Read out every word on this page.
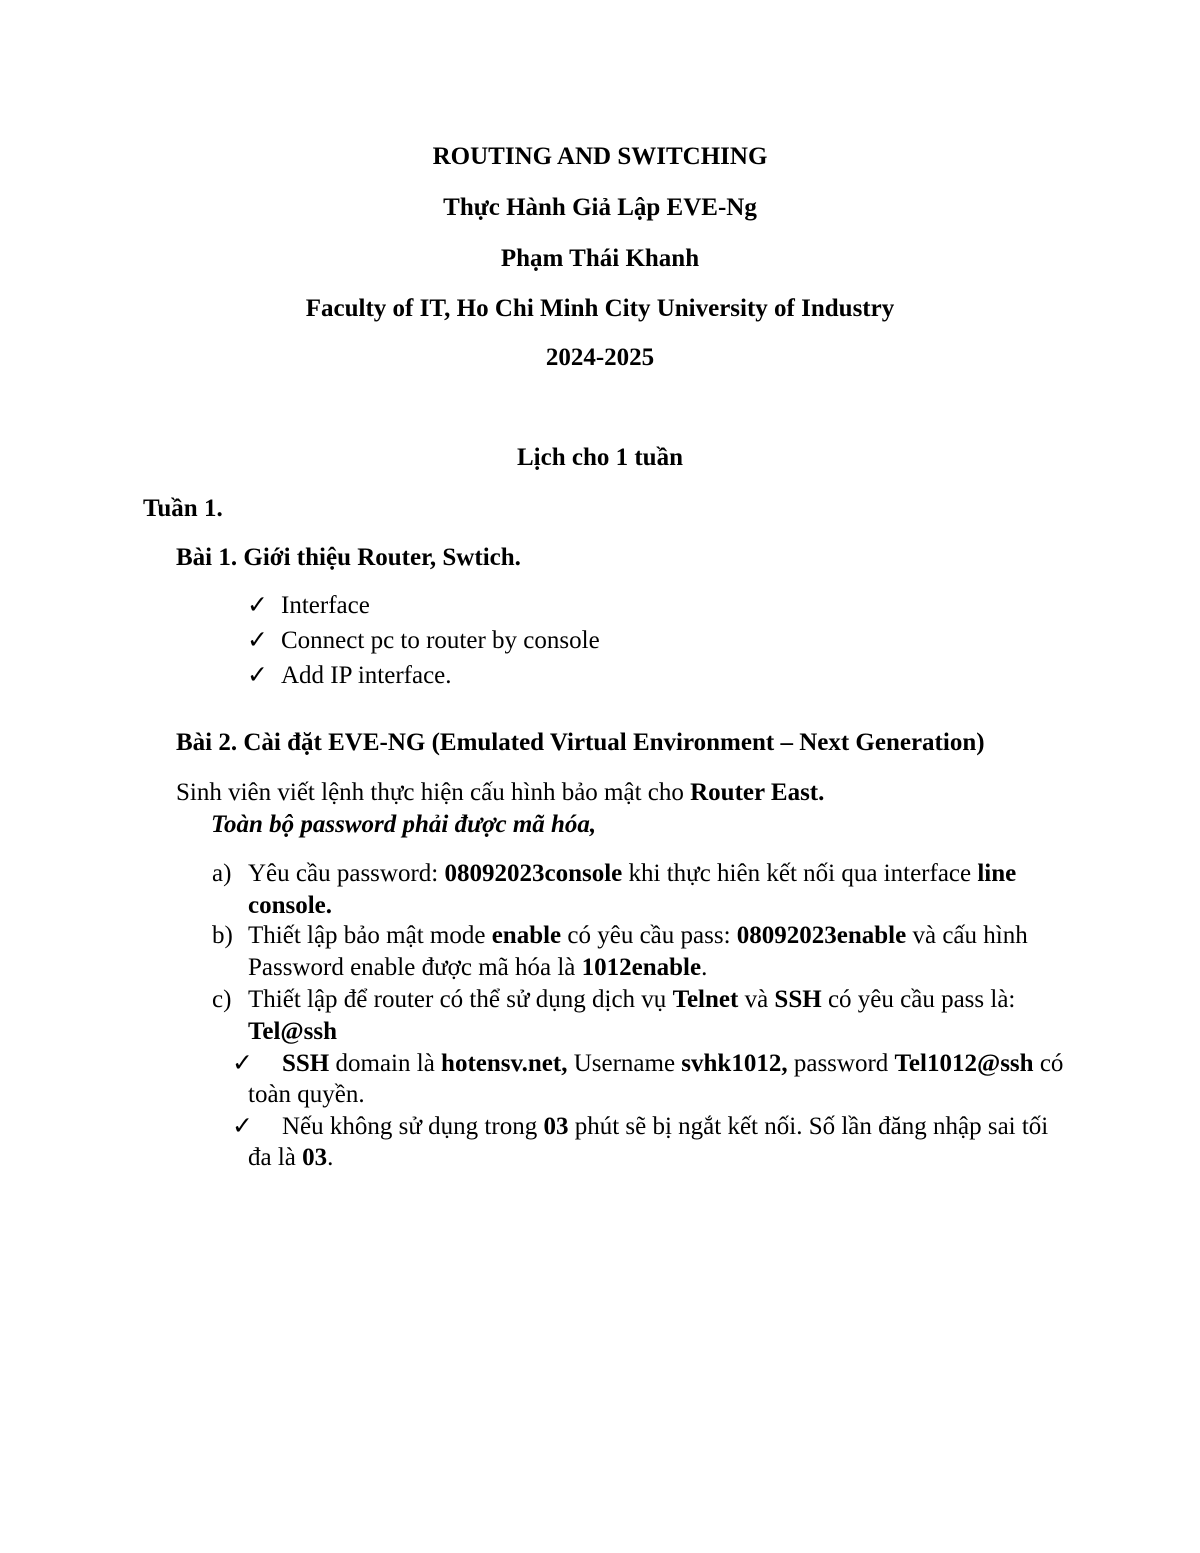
ROUTING AND SWITCHING
Thực Hành Giả Lập EVE-Ng
Phạm Thái Khanh
Faculty of IT, Ho Chi Minh City University of Industry
2024-2025
Lịch cho 1 tuần
Tuần 1.
Bài 1. Giới thiệu Router, Swtich.
✓ Interface
✓ Connect pc to router by console
✓ Add IP interface.
Bài 2. Cài đặt EVE-NG (Emulated Virtual Environment – Next Generation)
Sinh viên viết lệnh thực hiện cấu hình bảo mật cho Router East.
Toàn bộ password phải được mã hóa,
a) Yêu cầu password: 08092023console khi thực hiên kết nối qua interface line
console.
b) Thiết lập bảo mật mode enable có yêu cầu pass: 08092023enable và cấu hình
Password enable được mã hóa là 1012enable.
c) Thiết lập để router có thể sử dụng dịch vụ Telnet và SSH có yêu cầu pass là:
Tel@ssh
✓ SSH domain là hotensv.net, Username svhk1012, password Tel1012@ssh có
toàn quyền.
✓ Nếu không sử dụng trong 03 phút sẽ bị ngắt kết nối. Số lần đăng nhập sai tối
đa là 03.
